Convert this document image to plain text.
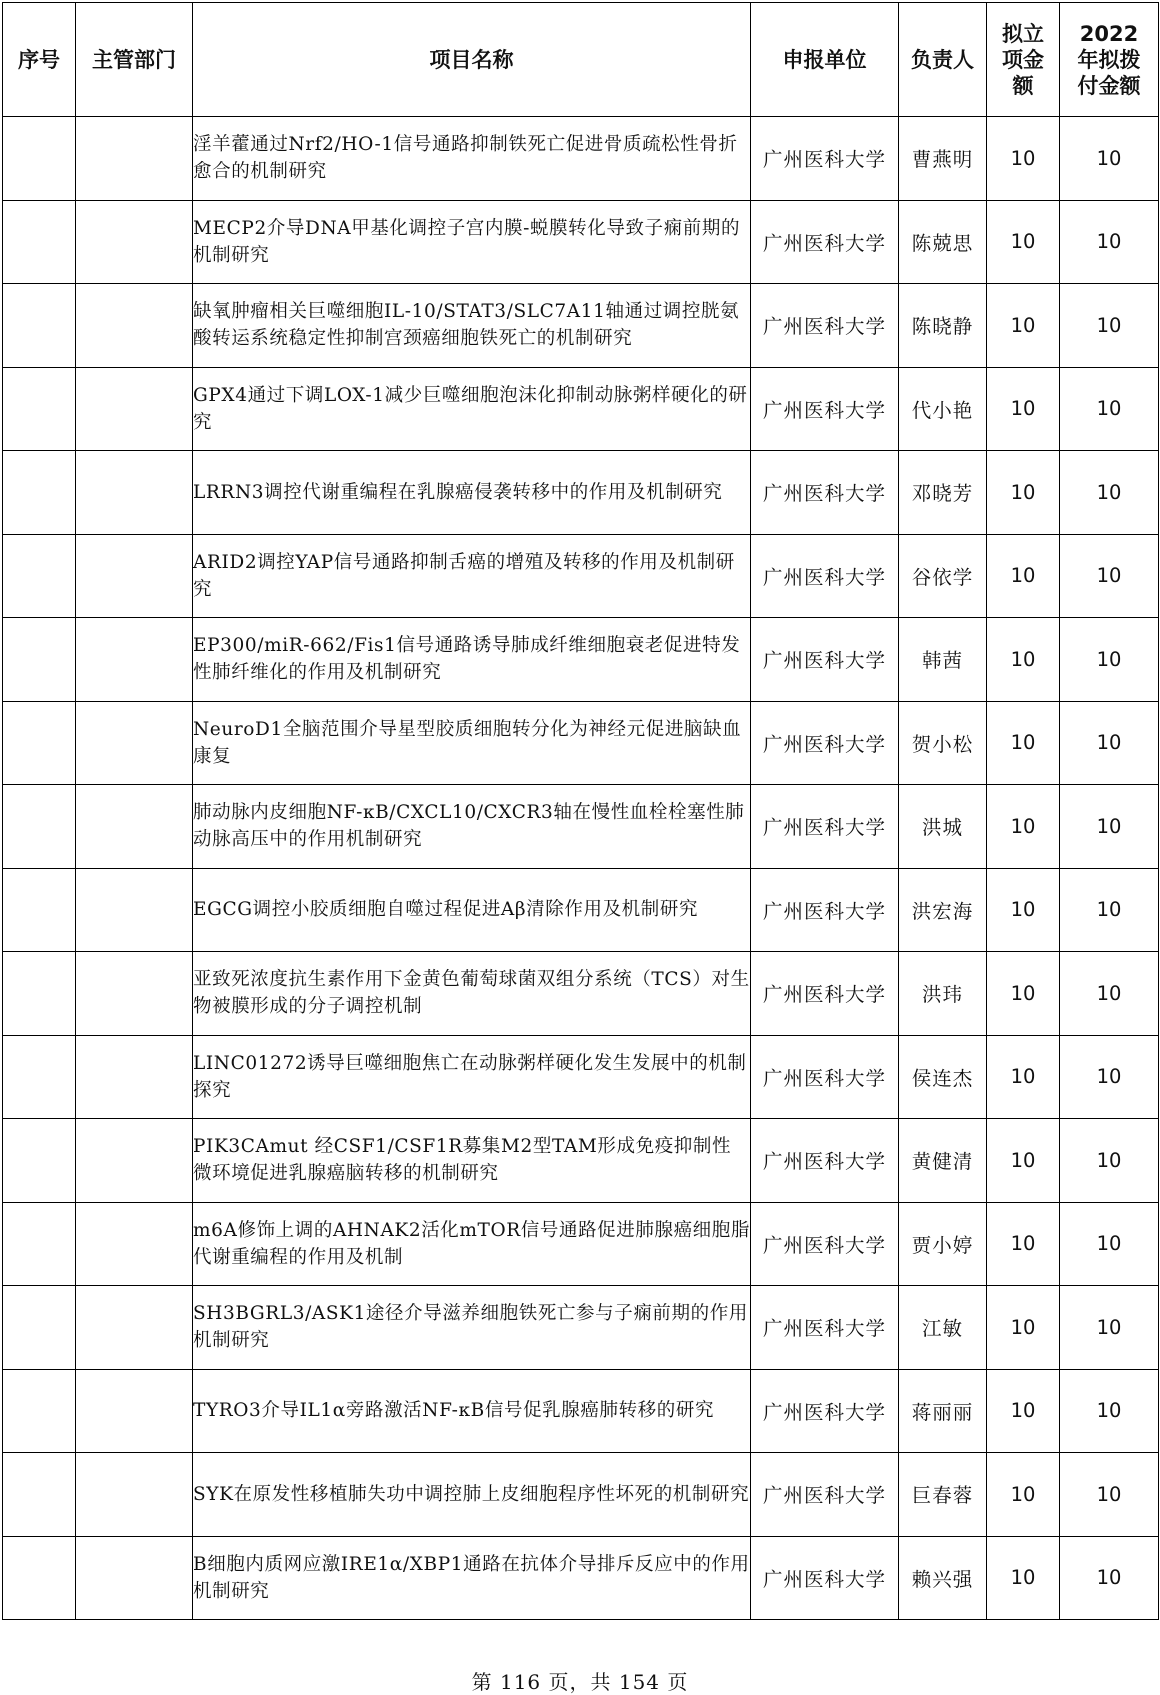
序号	主管部门	项目名称	申报单位	负责人	拟立项金额	2022年拟拨付金额

		淫羊藿通过Nrf2/HO-1信号通路抑制铁死亡促进骨质疏松性骨折愈合的机制研究	广州医科大学	曹燕明	10	10
		MECP2介导DNA甲基化调控子宫内膜-蜕膜转化导致子痫前期的机制研究	广州医科大学	陈兢思	10	10
		缺氧肿瘤相关巨噬细胞IL-10/STAT3/SLC7A11轴通过调控胱氨酸转运系统稳定性抑制宫颈癌细胞铁死亡的机制研究	广州医科大学	陈晓静	10	10
		GPX4通过下调LOX-1减少巨噬细胞泡沫化抑制动脉粥样硬化的研究	广州医科大学	代小艳	10	10
		LRRN3调控代谢重编程在乳腺癌侵袭转移中的作用及机制研究	广州医科大学	邓晓芳	10	10
		ARID2调控YAP信号通路抑制舌癌的增殖及转移的作用及机制研究	广州医科大学	谷依学	10	10
		EP300/miR-662/Fis1信号通路诱导肺成纤维细胞衰老促进特发性肺纤维化的作用及机制研究	广州医科大学	韩茜	10	10
		NeuroD1全脑范围介导星型胶质细胞转分化为神经元促进脑缺血康复	广州医科大学	贺小松	10	10
		肺动脉内皮细胞NF-κB/CXCL10/CXCR3轴在慢性血栓栓塞性肺动脉高压中的作用机制研究	广州医科大学	洪城	10	10
		EGCG调控小胶质细胞自噬过程促进Aβ清除作用及机制研究	广州医科大学	洪宏海	10	10
		亚致死浓度抗生素作用下金黄色葡萄球菌双组分系统（TCS）对生物被膜形成的分子调控机制	广州医科大学	洪玮	10	10
		LINC01272诱导巨噬细胞焦亡在动脉粥样硬化发生发展中的机制探究	广州医科大学	侯连杰	10	10
		PIK3CAmut 经CSF1/CSF1R募集M2型TAM形成免疫抑制性微环境促进乳腺癌脑转移的机制研究	广州医科大学	黄健清	10	10
		m6A修饰上调的AHNAK2活化mTOR信号通路促进肺腺癌细胞脂代谢重编程的作用及机制	广州医科大学	贾小婷	10	10
		SH3BGRL3/ASK1途径介导滋养细胞铁死亡参与子痫前期的作用机制研究	广州医科大学	江敏	10	10
		TYRO3介导IL1α旁路激活NF-κB信号促乳腺癌肺转移的研究	广州医科大学	蒋丽丽	10	10
		SYK在原发性移植肺失功中调控肺上皮细胞程序性坏死的机制研究	广州医科大学	巨春蓉	10	10
		B细胞内质网应激IRE1α/XBP1通路在抗体介导排斥反应中的作用机制研究	广州医科大学	赖兴强	10	10
第 116 页，共 154 页
